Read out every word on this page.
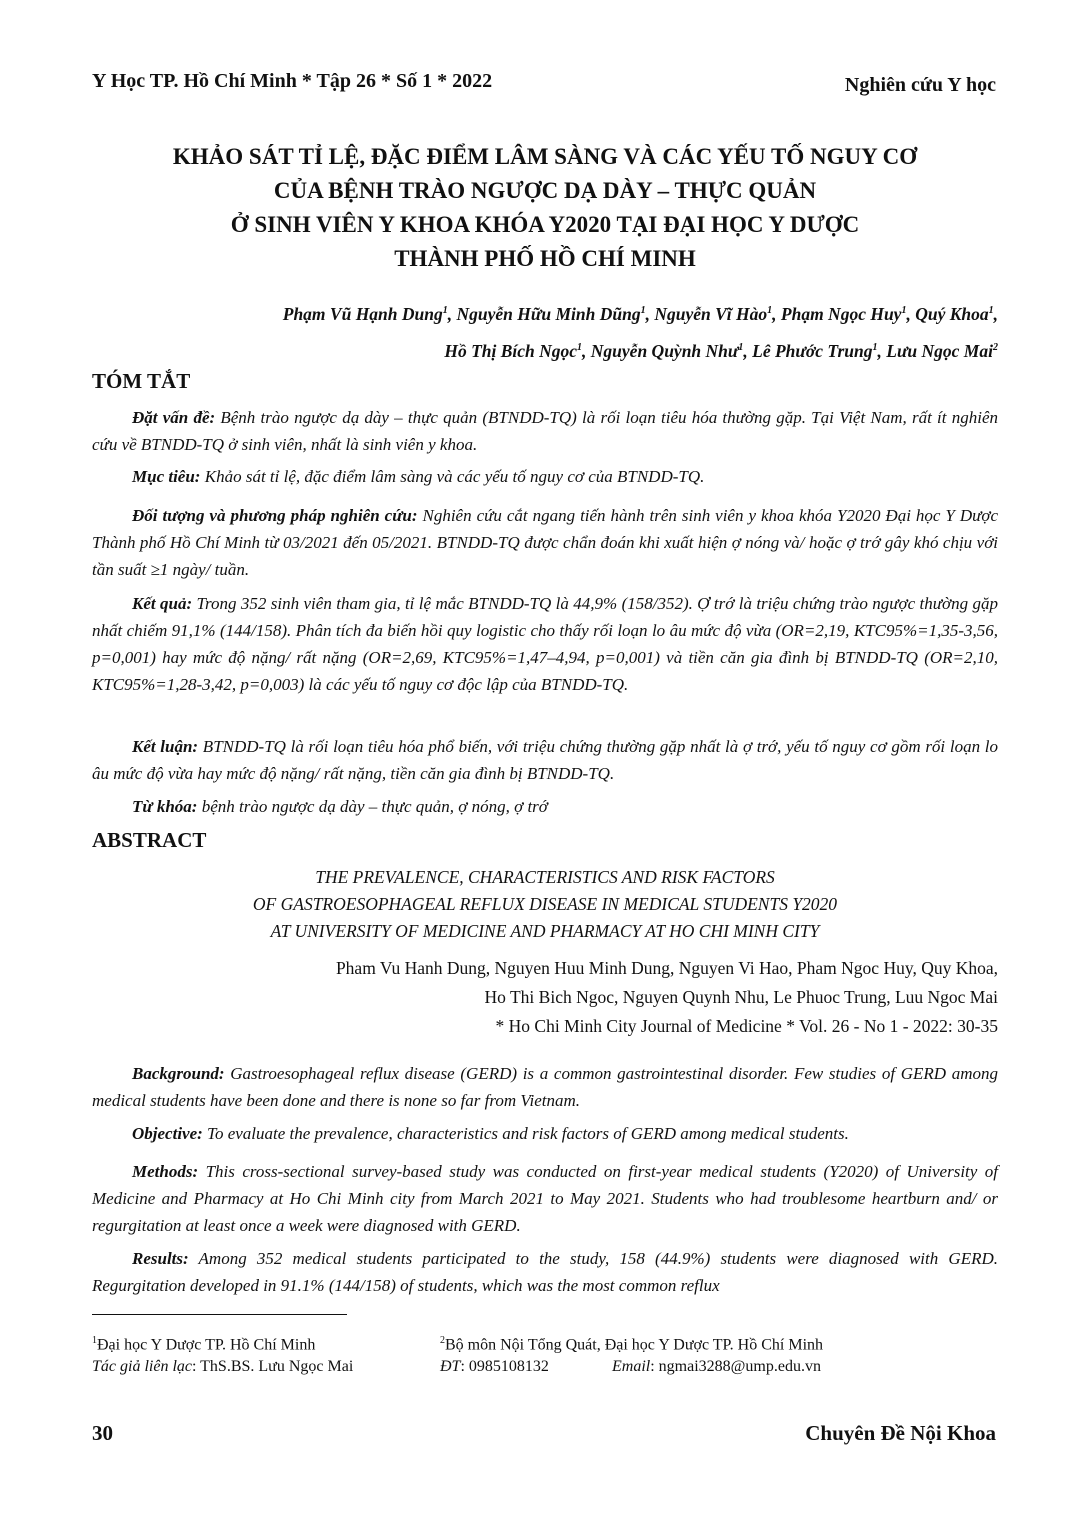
Y Học TP. Hồ Chí Minh * Tập 26 * Số 1 * 2022	Nghiên cứu Y học
KHẢO SÁT TỈ LỆ, ĐẶC ĐIỂM LÂM SÀNG VÀ CÁC YẾU TỐ NGUY CƠ
CỦA BỆNH TRÀO NGƯỢC DẠ DÀY – THỰC QUẢN
Ở SINH VIÊN Y KHOA KHÓA Y2020 TẠI ĐẠI HỌC Y DƯỢC
THÀNH PHỐ HỒ CHÍ MINH
Phạm Vũ Hạnh Dung$^1$, Nguyễn Hữu Minh Dũng$^1$, Nguyễn Vĩ Hào$^1$, Phạm Ngọc Huy$^1$, Quý Khoa$^1$,
Hồ Thị Bích Ngọc$^1$, Nguyễn Quỳnh Như$^1$, Lê Phước Trung$^1$, Lưu Ngọc Mai$^2$
TÓM TẮT
Đặt vấn đề: Bệnh trào ngược dạ dày – thực quản (BTNDD-TQ) là rối loạn tiêu hóa thường gặp. Tại Việt Nam, rất ít nghiên cứu về BTNDD-TQ ở sinh viên, nhất là sinh viên y khoa.
Mục tiêu: Khảo sát tỉ lệ, đặc điểm lâm sàng và các yếu tố nguy cơ của BTNDD-TQ.
Đối tượng và phương pháp nghiên cứu: Nghiên cứu cắt ngang tiến hành trên sinh viên y khoa khóa Y2020 Đại học Y Dược Thành phố Hồ Chí Minh từ 03/2021 đến 05/2021. BTNDD-TQ được chẩn đoán khi xuất hiện ợ nóng và/ hoặc ợ trớ gây khó chịu với tần suất ≥1 ngày/ tuần.
Kết quả: Trong 352 sinh viên tham gia, tỉ lệ mắc BTNDD-TQ là 44,9% (158/352). Ợ trớ là triệu chứng trào ngược thường gặp nhất chiếm 91,1% (144/158). Phân tích đa biến hồi quy logistic cho thấy rối loạn lo âu mức độ vừa (OR=2,19, KTC95%=1,35-3,56, p=0,001) hay mức độ nặng/ rất nặng (OR=2,69, KTC95%=1,47–4,94, p=0,001) và tiền căn gia đình bị BTNDD-TQ (OR=2,10, KTC95%=1,28-3,42, p=0,003) là các yếu tố nguy cơ độc lập của BTNDD-TQ.
Kết luận: BTNDD-TQ là rối loạn tiêu hóa phổ biến, với triệu chứng thường gặp nhất là ợ trớ, yếu tố nguy cơ gồm rối loạn lo âu mức độ vừa hay mức độ nặng/ rất nặng, tiền căn gia đình bị BTNDD-TQ.
Từ khóa: bệnh trào ngược dạ dày – thực quản, ợ nóng, ợ trớ
ABSTRACT
THE PREVALENCE, CHARACTERISTICS AND RISK FACTORS
OF GASTROESOPHAGEAL REFLUX DISEASE IN MEDICAL STUDENTS Y2020
AT UNIVERSITY OF MEDICINE AND PHARMACY AT HO CHI MINH CITY
Pham Vu Hanh Dung, Nguyen Huu Minh Dung, Nguyen Vi Hao, Pham Ngoc Huy, Quy Khoa,
Ho Thi Bich Ngoc, Nguyen Quynh Nhu, Le Phuoc Trung, Luu Ngoc Mai
* Ho Chi Minh City Journal of Medicine * Vol. 26 - No 1 - 2022: 30-35
Background: Gastroesophageal reflux disease (GERD) is a common gastrointestinal disorder. Few studies of GERD among medical students have been done and there is none so far from Vietnam.
Objective: To evaluate the prevalence, characteristics and risk factors of GERD among medical students.
Methods: This cross-sectional survey-based study was conducted on first-year medical students (Y2020) of University of Medicine and Pharmacy at Ho Chi Minh city from March 2021 to May 2021. Students who had troublesome heartburn and/ or regurgitation at least once a week were diagnosed with GERD.
Results: Among 352 medical students participated to the study, 158 (44.9%) students were diagnosed with GERD. Regurgitation developed in 91.1% (144/158) of students, which was the most common reflux
$^1$Đại học Y Dược TP. Hồ Chí Minh	$^2$Bộ môn Nội Tổng Quát, Đại học Y Dược TP. Hồ Chí Minh
Tác giả liên lạc: ThS.BS. Lưu Ngọc Mai	ĐT: 0985108132	Email: ngmai3288@ump.edu.vn
30	Chuyên Đề Nội Khoa
